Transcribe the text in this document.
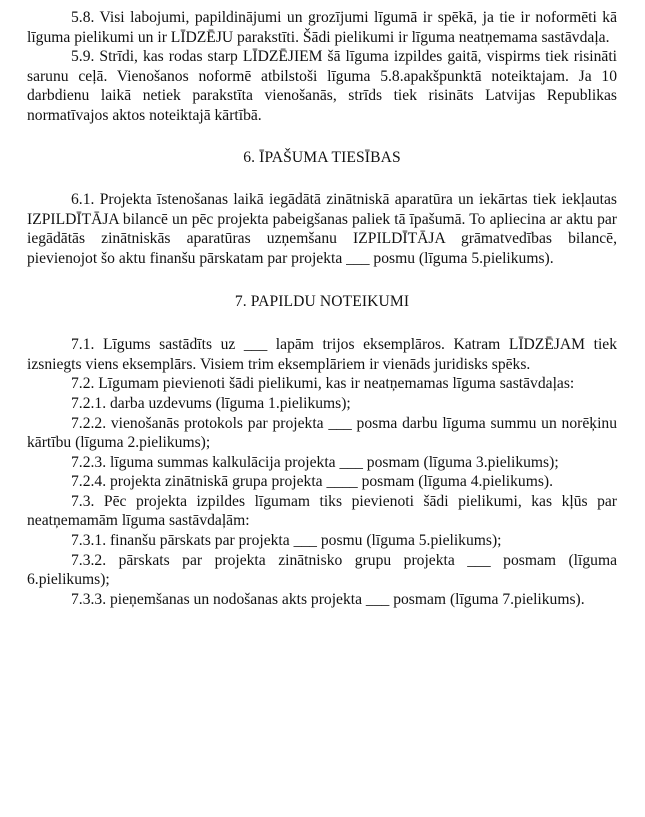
5.8. Visi labojumi, papildinājumi un grozījumi līgumā ir spēkā, ja tie ir noformēti kā līguma pielikumi un ir LĪDZĒJU parakstīti. Šādi pielikumi ir līguma neatņemama sastāvdaļa.

5.9. Strīdi, kas rodas starp LĪDZĒJIEM šā līguma izpildes gaitā, vispirms tiek risināti sarunu ceļā. Vienošanos noformē atbilstoši līguma 5.8.apakšpunktā noteiktajam. Ja 10 darbdienu laikā netiek parakstīta vienošanās, strīds tiek risināts Latvijas Republikas normatīvajos aktos noteiktajā kārtībā.

6. ĪPAŠUMA TIESĪBAS

6.1. Projekta īstenošanas laikā iegādātā zinātniskā aparatūra un iekārtas tiek iekļautas IZPILDĪTĀJA bilancē un pēc projekta pabeigšanas paliek tā īpašumā. To apliecina ar aktu par iegādātās zinātniskās aparatūras uzņemšanu IZPILDĪTĀJA grāmatvedības bilancē, pievienojot šo aktu finanšu pārskatam par projekta ___ posmu (līguma 5.pielikums).

7. PAPILDU NOTEIKUMI

7.1. Līgums sastādīts uz ___ lapām trijos eksemplāros. Katram LĪDZĒJAM tiek izsniegts viens eksemplārs. Visiem trim eksemplāriem ir vienāds juridisks spēks.

7.2. Līgumam pievienoti šādi pielikumi, kas ir neatņemamas līguma sastāvdaļas:

7.2.1. darba uzdevums (līguma 1.pielikums);

7.2.2. vienošanās protokols par projekta ___ posma darbu līguma summu un norēķinu kārtību (līguma 2.pielikums);

7.2.3. līguma summas kalkulācija projekta ___ posmam (līguma 3.pielikums);

7.2.4. projekta zinātniskā grupa projekta ____ posmam (līguma 4.pielikums).

7.3. Pēc projekta izpildes līgumam tiks pievienoti šādi pielikumi, kas kļūs par neatņemamām līguma sastāvdaļām:

7.3.1. finanšu pārskats par projekta ___ posmu (līguma 5.pielikums);

7.3.2. pārskats par projekta zinātnisko grupu projekta ___ posmam (līguma 6.pielikums);

7.3.3. pieņemšanas un nodošanas akts projekta ___ posmam (līguma 7.pielikums).
